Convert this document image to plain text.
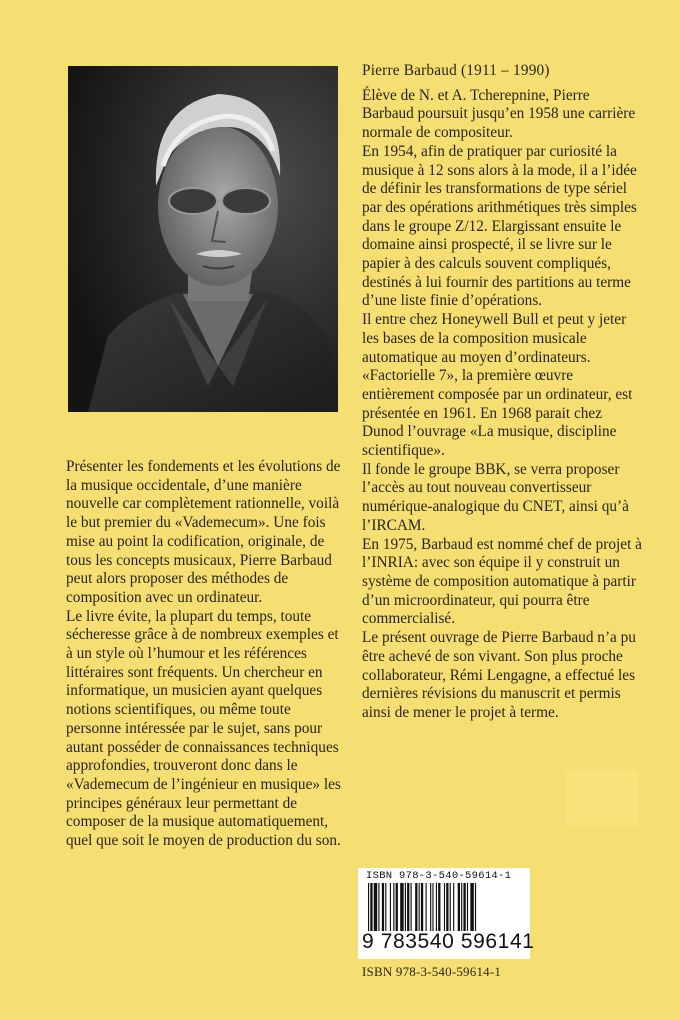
Pierre Barbaud (1911 – 1990)

Élève de N. et A. Tcherepnine, Pierre Barbaud poursuit jusqu’en 1958 une carrière normale de compositeur.

En 1954, afin de pratiquer par curiosité la musique à 12 sons alors à la mode, il a l’idée de définir les transformations de type sériel par des opérations arithmétiques très simples dans le groupe Z/12. Elargissant ensuite le domaine ainsi prospecté, il se livre sur le papier à des calculs souvent compliqués, destinés à lui fournir des partitions au terme d’une liste finie d’opérations.

Il entre chez Honeywell Bull et peut y jeter les bases de la composition musicale automatique au moyen d’ordinateurs. «Factorielle 7», la première œuvre entièrement composée par un ordinateur, est présentée en 1961. En 1968 parait chez Dunod l’ouvrage «La musique, discipline scientifique».

Il fonde le groupe BBK, se verra proposer l’accès au tout nouveau convertisseur numérique-analogique du CNET, ainsi qu’à l’IRCAM.

En 1975, Barbaud est nommé chef de projet à l’INRIA: avec son équipe il y construit un système de composition automatique à partir d’un microordinateur, qui pourra être commercialisé.

Le présent ouvrage de Pierre Barbaud n’a pu être achevé de son vivant. Son plus proche collaborateur, Rémi Lengagne, a effectué les dernières révisions du manuscrit et permis ainsi de mener le projet à terme.

Présenter les fondements et les évolutions de la musique occidentale, d’une manière nouvelle car complètement rationnelle, voilà le but premier du «Vademecum». Une fois mise au point la codification, originale, de tous les concepts musicaux, Pierre Barbaud peut alors proposer des méthodes de composition avec un ordinateur.

Le livre évite, la plupart du temps, toute sécheresse grâce à de nombreux exemples et à un style où l’humour et les références littéraires sont fréquents. Un chercheur en informatique, un musicien ayant quelques notions scientifiques, ou même toute personne intéressée par le sujet, sans pour autant posséder de connaissances techniques approfondies, trouveront donc dans le «Vademecum de l’ingénieur en musique» les principes généraux leur permettant de composer de la musique automatiquement, quel que soit le moyen de production du son.

ISBN 978-3-540-59614-1
9 783540 596141
ISBN 978-3-540-59614-1
